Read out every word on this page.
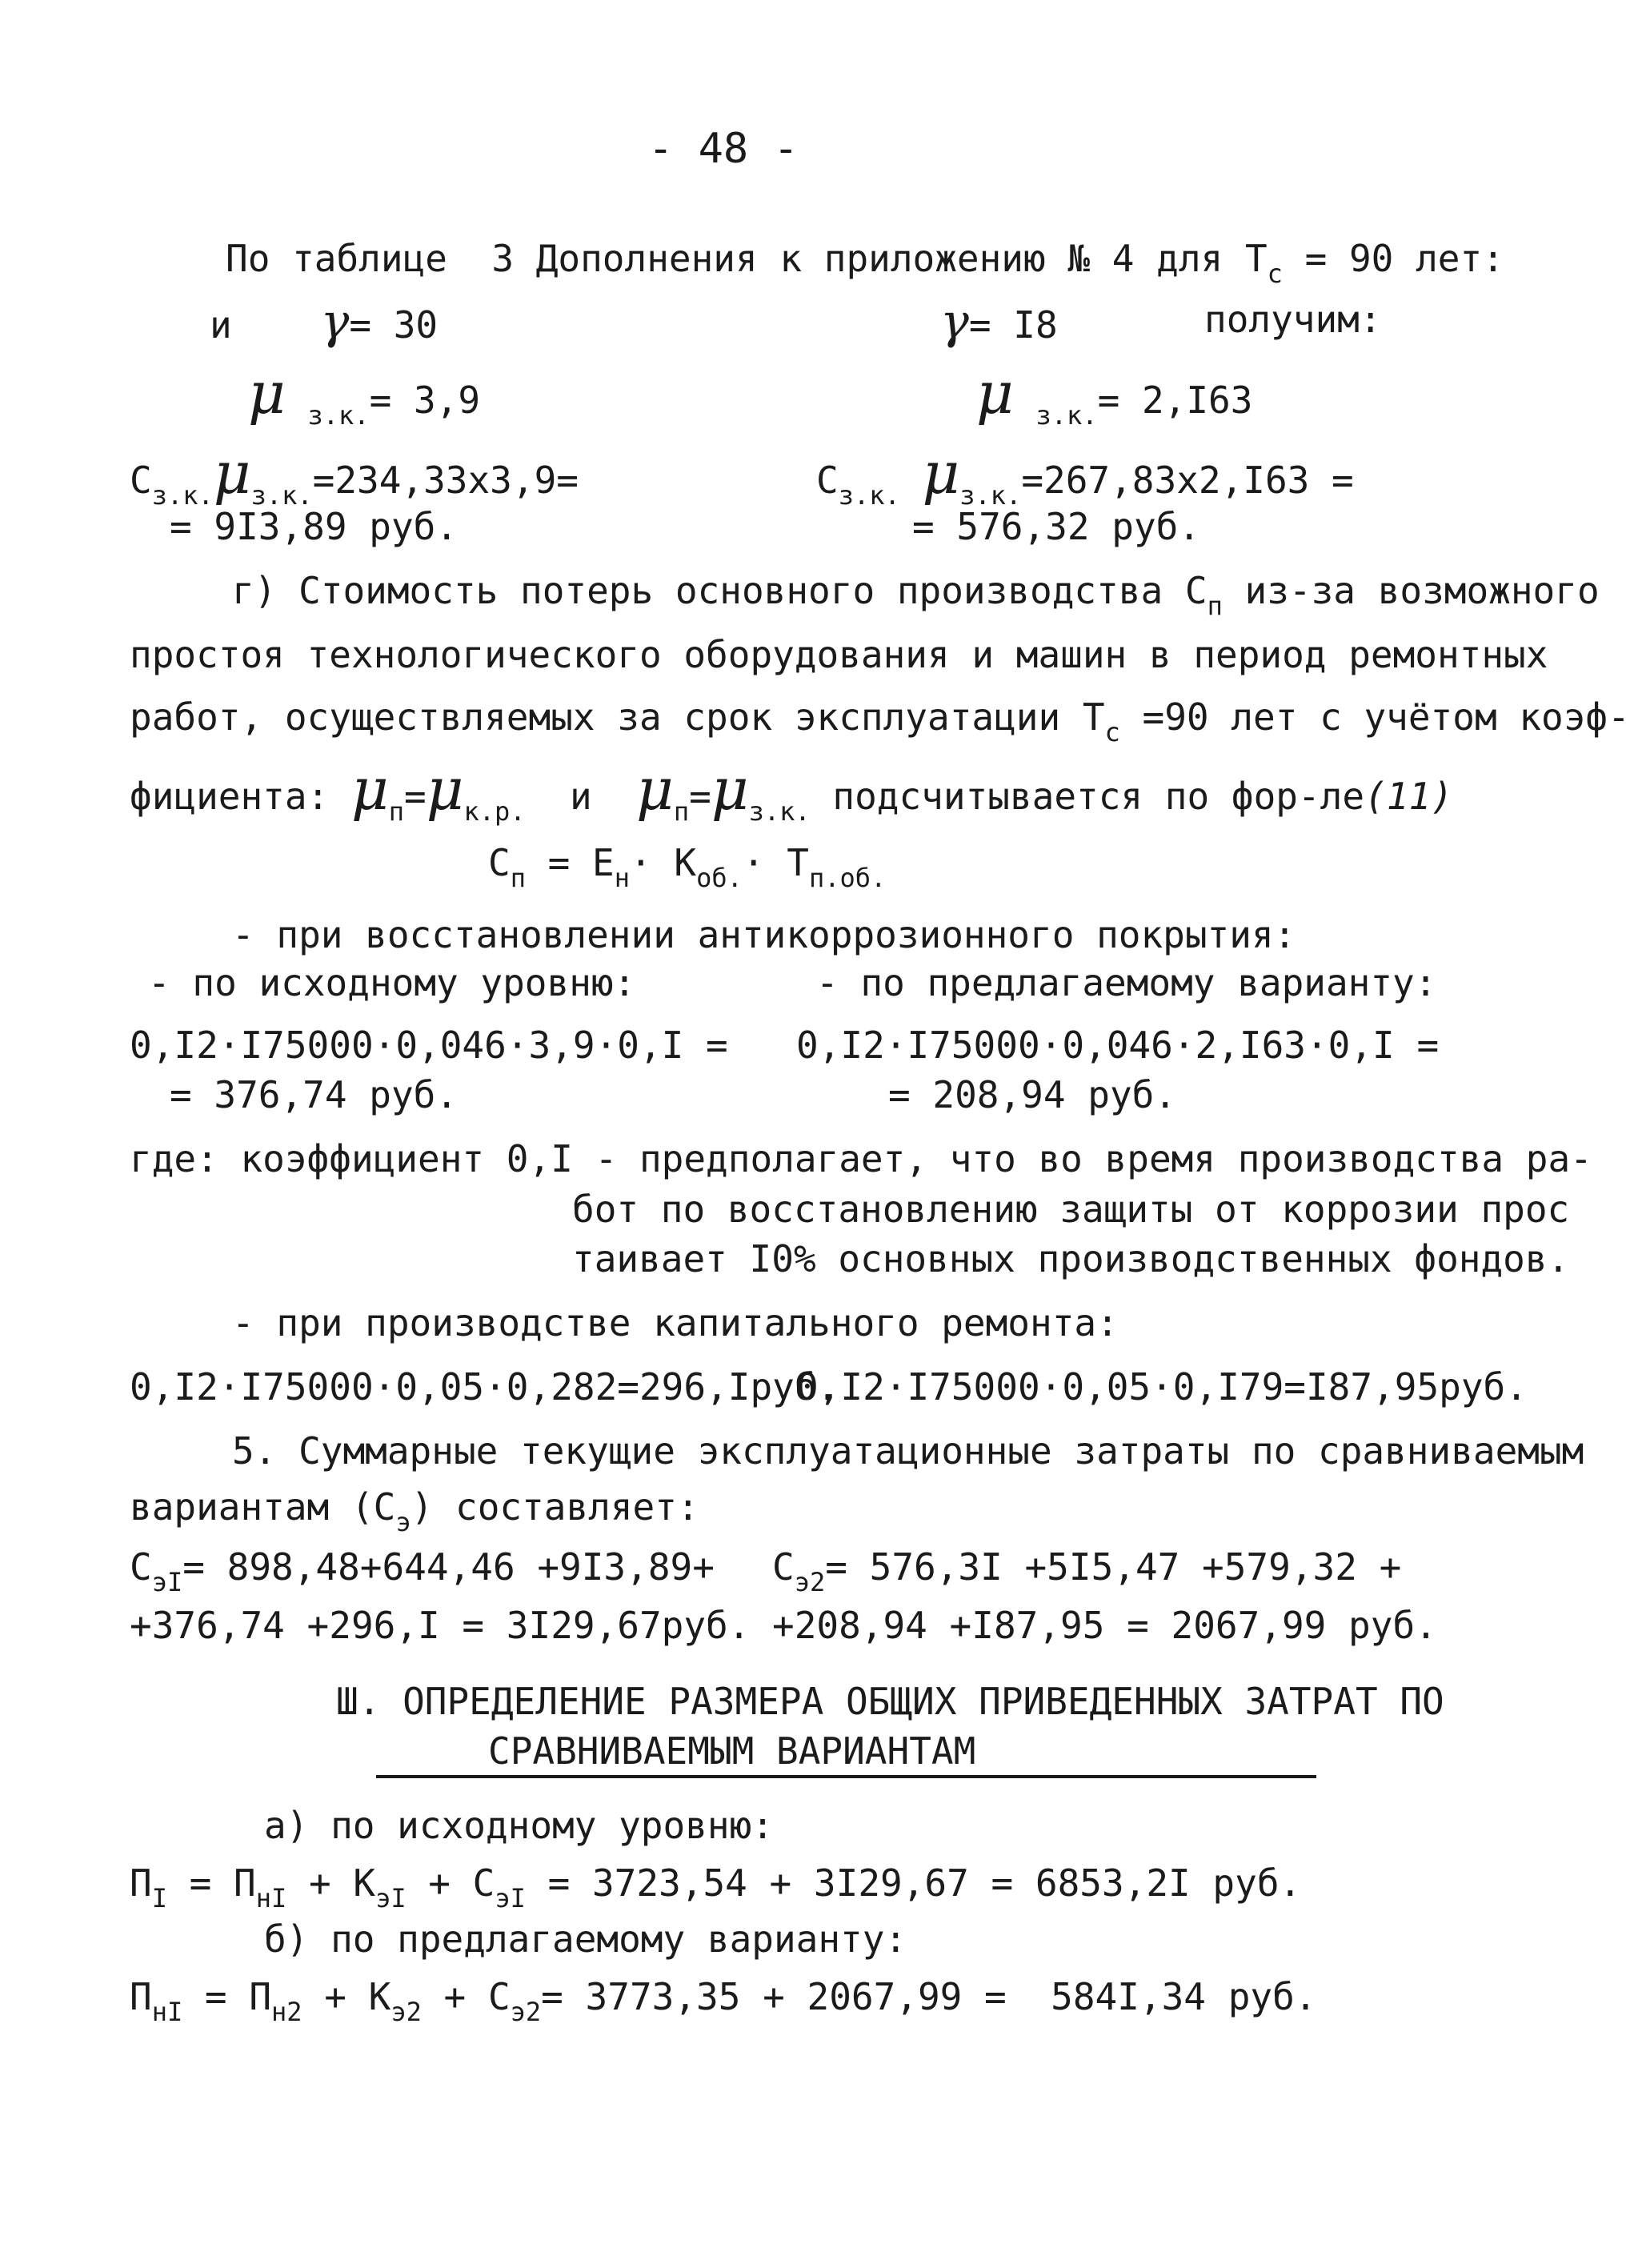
- 48 -
По таблице  3 Дополнения к приложению № 4 для $T_c = 90$ лет:
и γ= 30	γ= I8	получим:
μ $_{з.к.}$= 3,9	μ $_{з.к.}$= 2,I63
$C_{з.к.}\mu_{з.к.}=234,33x3,9=$
= 9I3,89 руб.
$C_{з.к.}$ $\mu_{з.к.}=267,83x2,I63$ =
= 576,32 руб.
г) Стоимость потерь основного производства $C_п$ из-за возможного
простоя технологического оборудования и машин в период ремонтных
работ, осуществляемых за срок эксплуатации $T_c =90$ лет с учётом коэф-
фициента: $\mu_п=\mu_{к.р.}$ и $\mu_п=\mu_{з.к.}$ подсчитывается по фор-ле(11)
$C_п = E_н\cdot K_{об.}\cdot T_{п.об.}$
- при восстановлении антикоррозионного покрытия:
- по исходному уровню:	- по предлагаемому варианту:
0,I2·I75000·0,046·3,9·0,I =
= 376,74 руб.
0,I2·I75000·0,046·2,I63·0,I =
= 208,94 руб.
где: коэффициент 0,I - предполагает, что во время производства ра-
бот по восстановлению защиты от коррозии прос
таивает I0% основных производственных фондов.
- при производстве капитального ремонта:
0,I2·I75000·0,05·0,282=296,Iруб.
0,I2·I75000·0,05·0,I79=I87,95руб.
5. Суммарные текущие эксплуатационные затраты по сравниваемым
вариантам $(C_э)$ составляет:
$C_{эI}= 898,48+644,46 +9I3,89+$
+376,74 +296,I = 3I29,67руб.
$C_{э2}= 576,3I +5I5,47 +579,32$ +
+208,94 +I87,95 = 2067,99 руб.
Ш. ОПРЕДЕЛЕНИЕ РАЗМЕРА ОБЩИХ ПРИВЕДЕННЫХ ЗАТРАТ ПО
СРАВНИВАЕМЫМ ВАРИАНТАМ
а) по исходному уровню:
$П_I = П_{нI} + K_{эI} + C_{эI} = 3723,54 + 3I29,67 = 6853,2I$ руб.
б) по предлагаемому варианту:
$П_{нI} = П_{н2} + K_{э2} + C_{э2}= 3773,35 + 2067,99 = 584I,34$ руб.
